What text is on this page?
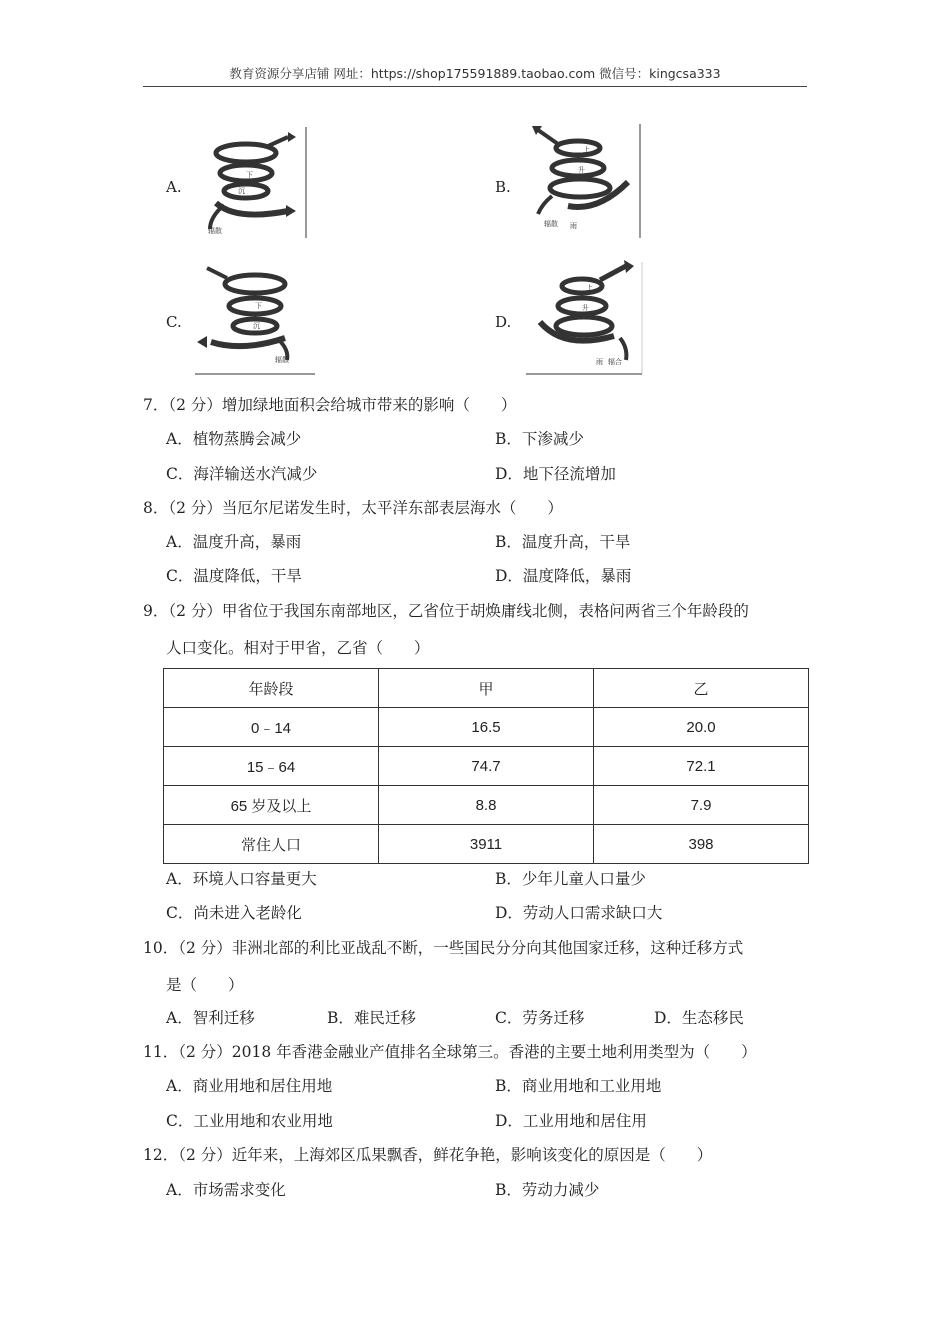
教育资源分享店铺 网址：https://shop175591889.taobao.com 微信号：kingcsa333
A.
下
沉
辐散
B.
上
升
辐散 雨
C.
下
沉
辐散
D.
上
升
雨 辐合
7．（2 分）增加绿地面积会给城市带来的影响（　　）
A．植物蒸腾会减少	B．下渗减少
C．海洋输送水汽减少	D．地下径流增加
8．（2 分）当厄尔尼诺发生时，太平洋东部表层海水（　　）
A．温度升高，暴雨	B．温度升高，干旱
C．温度降低，干旱	D．温度降低，暴雨
9．（2 分）甲省位于我国东南部地区，乙省位于胡焕庸线北侧，表格问两省三个年龄段的
人口变化。相对于甲省，乙省（　　）
年龄段	甲	乙
0﹣14	16.5	20.0
15﹣64	74.7	72.1
65 岁及以上	8.8	7.9
常住人口	3911	398
A．环境人口容量更大	B．少年儿童人口量少
C．尚未进入老龄化	D．劳动人口需求缺口大
10．（2 分）非洲北部的利比亚战乱不断，一些国民分分向其他国家迁移，这种迁移方式
是（　　）
A．智利迁移	B．难民迁移	C．劳务迁移	D．生态移民
11．（2 分）2018 年香港金融业产值排名全球第三。香港的主要土地利用类型为（　　）
A．商业用地和居住用地	B．商业用地和工业用地
C．工业用地和农业用地	D．工业用地和居住用
12．（2 分）近年来，上海郊区瓜果飘香，鲜花争艳，影响该变化的原因是（　　）
A．市场需求变化	B．劳动力减少
